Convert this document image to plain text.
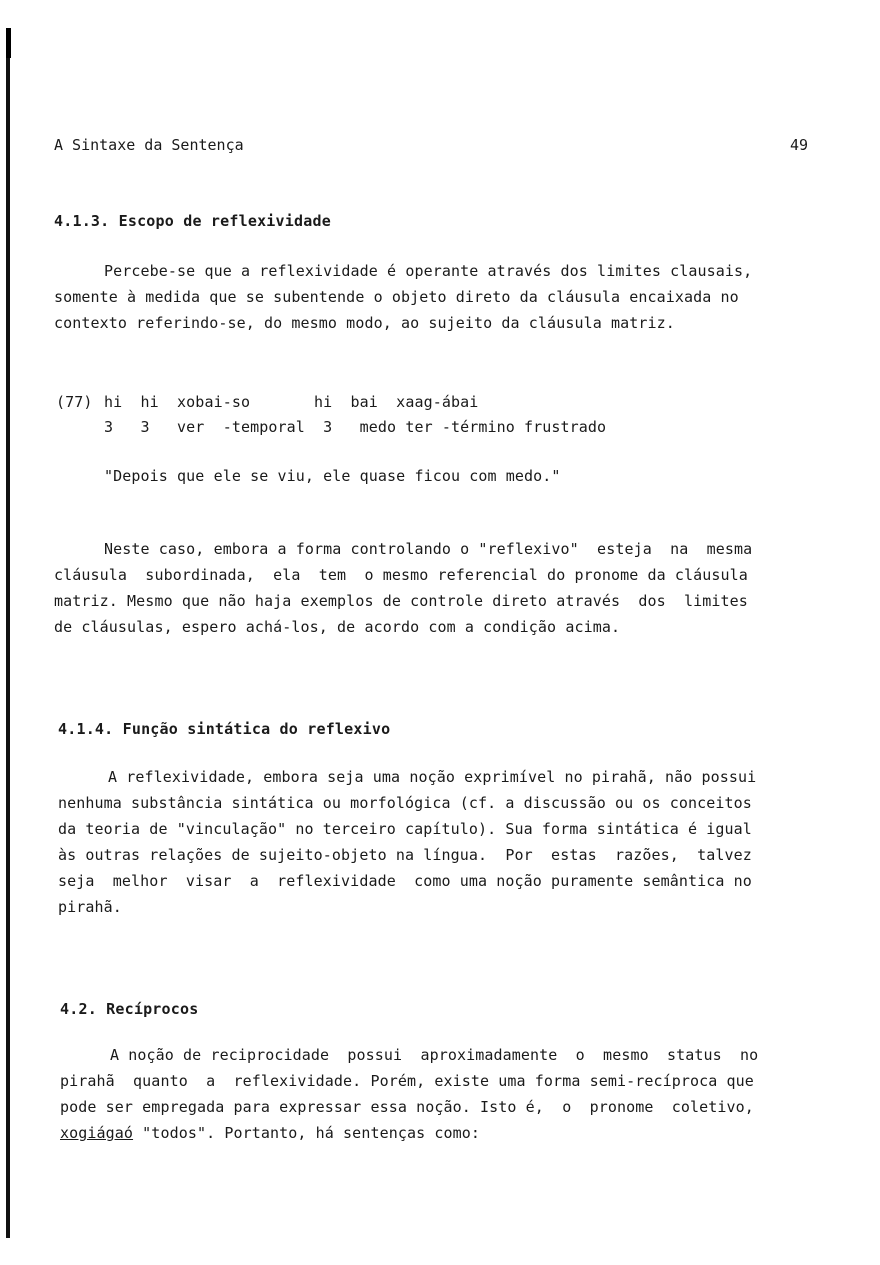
A Sintaxe da Sentença	49
4.1.3. Escopo de reflexividade
Percebe-se que a reflexividade é operante através dos limites clausais,
somente à medida que se subentende o objeto direto da cláusula encaixada no
contexto referindo-se, do mesmo modo, ao sujeito da cláusula matriz.
(77) hi  hi  xobai-so       hi  bai  xaag-ábai
3   3   ver  -temporal  3   medo ter -término frustrado
"Depois que ele se viu, ele quase ficou com medo."
Neste caso, embora a forma controlando o "reflexivo"  esteja  na  mesma
cláusula  subordinada,  ela  tem  o mesmo referencial do pronome da cláusula
matriz. Mesmo que não haja exemplos de controle direto através  dos  limites
de cláusulas, espero achá-los, de acordo com a condição acima.
4.1.4. Função sintática do reflexivo
A reflexividade, embora seja uma noção exprimível no pirahã, não possui
nenhuma substância sintática ou morfológica (cf. a discussão ou os conceitos
da teoria de "vinculação" no terceiro capítulo). Sua forma sintática é igual
às outras relações de sujeito-objeto na língua.  Por  estas  razões,  talvez
seja  melhor  visar  a  reflexividade  como uma noção puramente semântica no
pirahã.
4.2. Recíprocos
A noção de reciprocidade  possui  aproximadamente  o  mesmo  status  no
pirahã  quanto  a  reflexividade. Porém, existe uma forma semi-recíproca que
pode ser empregada para expressar essa noção. Isto é,  o  pronome  coletivo,
xogiágaó "todos". Portanto, há sentenças como:
